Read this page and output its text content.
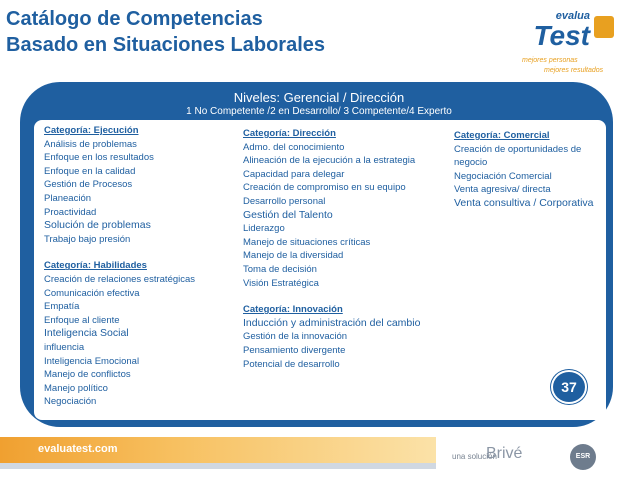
Catálogo de Competencias
Basado en Situaciones Laborales
evalua
Test
mejores personas
mejores resultados
Niveles: Gerencial / Dirección
1 No Competente /2 en Desarrollo/ 3 Competente/4 Experto
Categoría: Ejecución
Análisis de problemas
Enfoque en los resultados
Enfoque en la calidad
Gestión de Procesos
Planeación
Proactividad
Solución de problemas
Trabajo bajo presión
Categoría: Habilidades
Creación de relaciones estratégicas
Comunicación efectiva
Empatía
Enfoque al cliente
Inteligencia Social
influencia
Inteligencia Emocional
Manejo de conflictos
Manejo político
Negociación
Categoría: Dirección
Admo. del conocimiento
Alineación de la ejecución a la estrategia
Capacidad para delegar
Creación de compromiso en su equipo
Desarrollo personal
Gestión del Talento
Liderazgo
Manejo de situaciones críticas
Manejo de la diversidad
Toma de decisión
Visión Estratégica
Categoría: Innovación
Inducción y administración del cambio
Gestión de la innovación
Pensamiento divergente
Potencial de desarrollo
Categoría: Comercial
Creación de oportunidades de
negocio
Negociación Comercial
Venta agresiva/ directa
Venta consultiva / Corporativa
37
evaluatest.com
una solución
Brivé	ESR
